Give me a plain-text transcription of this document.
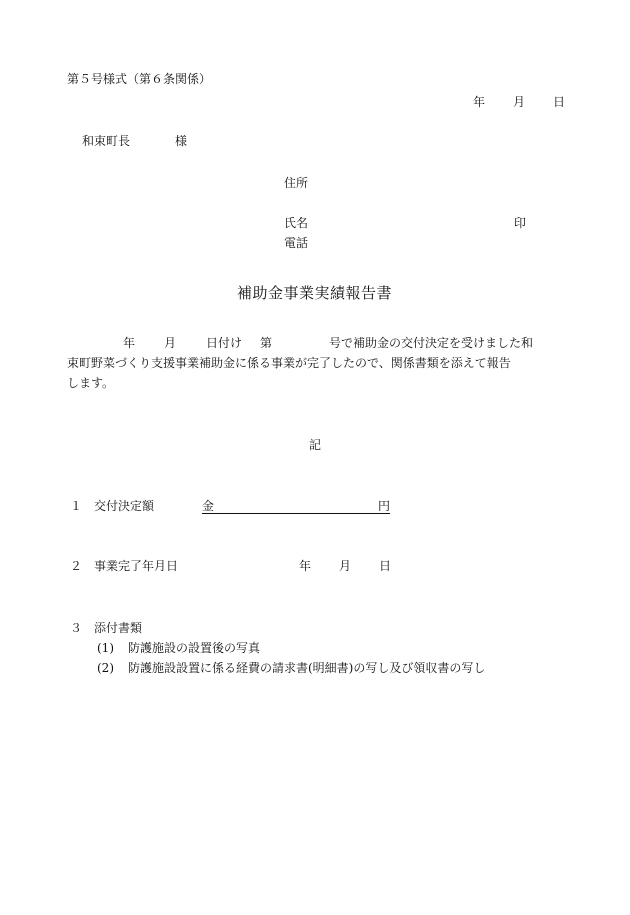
第５号様式（第６条関係）
年 月 日
和束町長	様
住所
氏名	印
電話
補助金事業実績報告書
年 月 日付け 第	号で補助金の交付決定を受けました和
束町野菜づくり支援事業補助金に係る事業が完了したので、関係書類を添えて報告
します。
記
１ 交付決定額	金	円
２ 事業完了年月日	年 月 日
３ 添付書類
(1) 防護施設の設置後の写真
(2) 防護施設設置に係る経費の請求書(明細書)の写し及び領収書の写し
